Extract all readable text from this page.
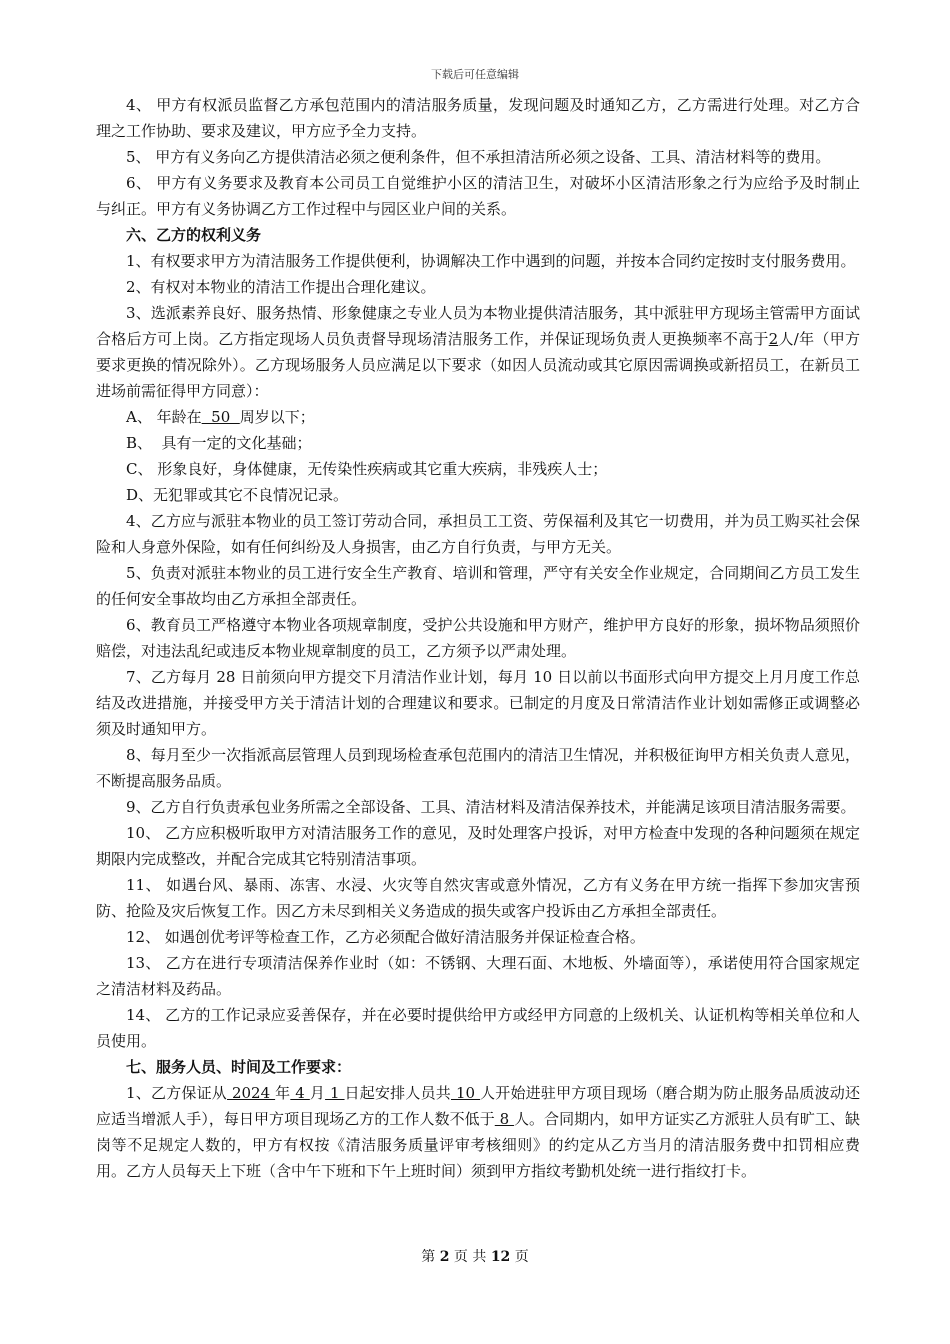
下载后可任意编辑

4、 甲方有权派员监督乙方承包范围内的清洁服务质量，发现问题及时通知乙方，乙方需进行处理。对乙方合理之工作协助、要求及建议，甲方应予全力支持。

5、 甲方有义务向乙方提供清洁必须之便利条件，但不承担清洁所必须之设备、工具、清洁材料等的费用。

6、 甲方有义务要求及教育本公司员工自觉维护小区的清洁卫生，对破坏小区清洁形象之行为应给予及时制止与纠正。甲方有义务协调乙方工作过程中与园区业户间的关系。

六、乙方的权利义务

1、有权要求甲方为清洁服务工作提供便利，协调解决工作中遇到的问题，并按本合同约定按时支付服务费用。

2、有权对本物业的清洁工作提出合理化建议。

3、选派素养良好、服务热情、形象健康之专业人员为本物业提供清洁服务，其中派驻甲方现场主管需甲方面试合格后方可上岗。乙方指定现场人员负责督导现场清洁服务工作，并保证现场负责人更换频率不高于2人/年（甲方要求更换的情况除外）。乙方现场服务人员应满足以下要求（如因人员流动或其它原因需调换或新招员工，在新员工进场前需征得甲方同意）：

A、 年龄在  50  周岁以下；

B、  具有一定的文化基础；

C、 形象良好，身体健康，无传染性疾病或其它重大疾病，非残疾人士；

D、无犯罪或其它不良情况记录。

4、乙方应与派驻本物业的员工签订劳动合同，承担员工工资、劳保福利及其它一切费用，并为员工购买社会保险和人身意外保险，如有任何纠纷及人身损害，由乙方自行负责，与甲方无关。

5、负责对派驻本物业的员工进行安全生产教育、培训和管理，严守有关安全作业规定，合同期间乙方员工发生的任何安全事故均由乙方承担全部责任。

6、教育员工严格遵守本物业各项规章制度，受护公共设施和甲方财产，维护甲方良好的形象，损坏物品须照价赔偿，对违法乱纪或违反本物业规章制度的员工，乙方须予以严肃处理。

7、乙方每月 28 日前须向甲方提交下月清洁作业计划，每月 10 日以前以书面形式向甲方提交上月月度工作总结及改进措施，并接受甲方关于清洁计划的合理建议和要求。已制定的月度及日常清洁作业计划如需修正或调整必须及时通知甲方。

8、每月至少一次指派高层管理人员到现场检查承包范围内的清洁卫生情况，并积极征询甲方相关负责人意见，不断提高服务品质。

9、乙方自行负责承包业务所需之全部设备、工具、清洁材料及清洁保养技术，并能满足该项目清洁服务需要。

10、 乙方应积极听取甲方对清洁服务工作的意见，及时处理客户投诉，对甲方检查中发现的各种问题须在规定期限内完成整改，并配合完成其它特别清洁事项。

11、 如遇台风、暴雨、冻害、水浸、火灾等自然灾害或意外情况，乙方有义务在甲方统一指挥下参加灾害预防、抢险及灾后恢复工作。因乙方未尽到相关义务造成的损失或客户投诉由乙方承担全部责任。

12、 如遇创优考评等检查工作，乙方必须配合做好清洁服务并保证检查合格。

13、 乙方在进行专项清洁保养作业时（如：不锈钢、大理石面、木地板、外墙面等），承诺使用符合国家规定之清洁材料及药品。

14、 乙方的工作记录应妥善保存，并在必要时提供给甲方或经甲方同意的上级机关、认证机构等相关单位和人员使用。

七、服务人员、时间及工作要求：

1、乙方保证从 2024 年 4 月 1 日起安排人员共 10 人开始进驻甲方项目现场（磨合期为防止服务品质波动还应适当增派人手），每日甲方项目现场乙方的工作人数不低于 8 人。合同期内，如甲方证实乙方派驻人员有旷工、缺岗等不足规定人数的，甲方有权按《清洁服务质量评审考核细则》的约定从乙方当月的清洁服务费中扣罚相应费用。乙方人员每天上下班（含中午下班和下午上班时间）须到甲方指纹考勤机处统一进行指纹打卡。

第 2 页 共 12 页
